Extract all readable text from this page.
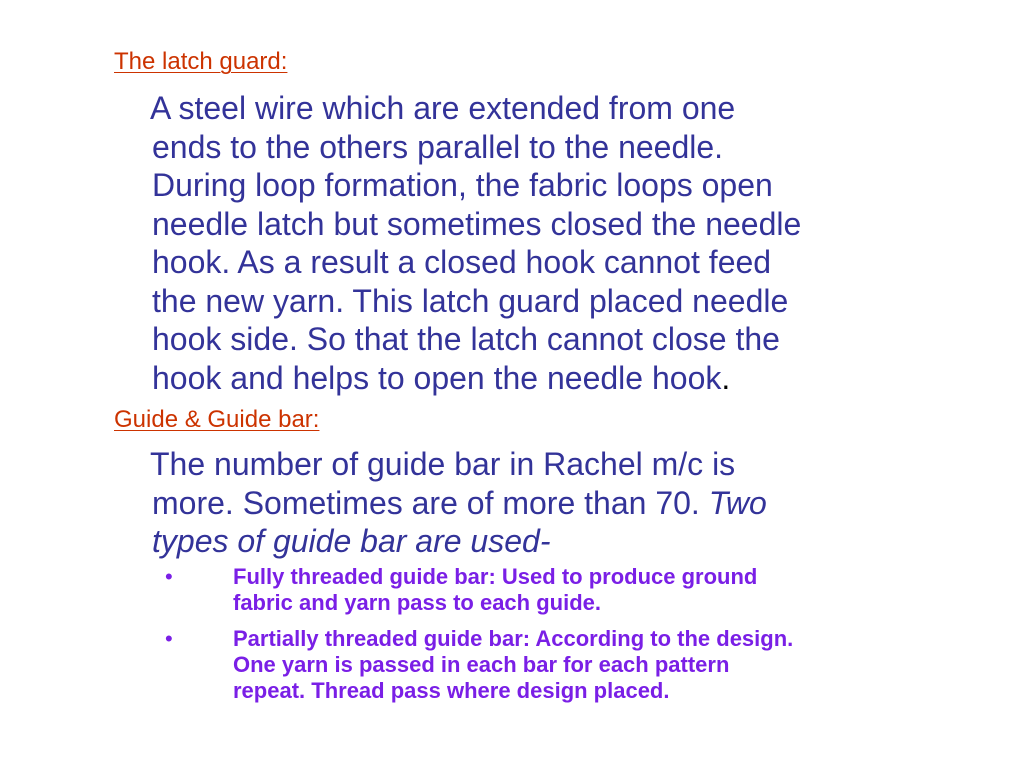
The latch guard:
A steel wire which are extended from one
ends to the others parallel to the needle.
During loop formation, the fabric loops open
needle latch but sometimes closed the needle
hook. As a result a closed hook cannot feed
the new yarn. This latch guard placed needle
hook side. So that the latch cannot close the
hook and helps to open the needle hook.
Guide & Guide bar:
The number of guide bar in Rachel m/c is
more. Sometimes are of more than 70. Two
types of guide bar are used-
•	Fully threaded guide bar: Used to produce ground
fabric and yarn pass to each guide.
•	Partially threaded guide bar: According to the design.
One yarn is passed in each bar for each pattern
repeat. Thread pass where design placed.
